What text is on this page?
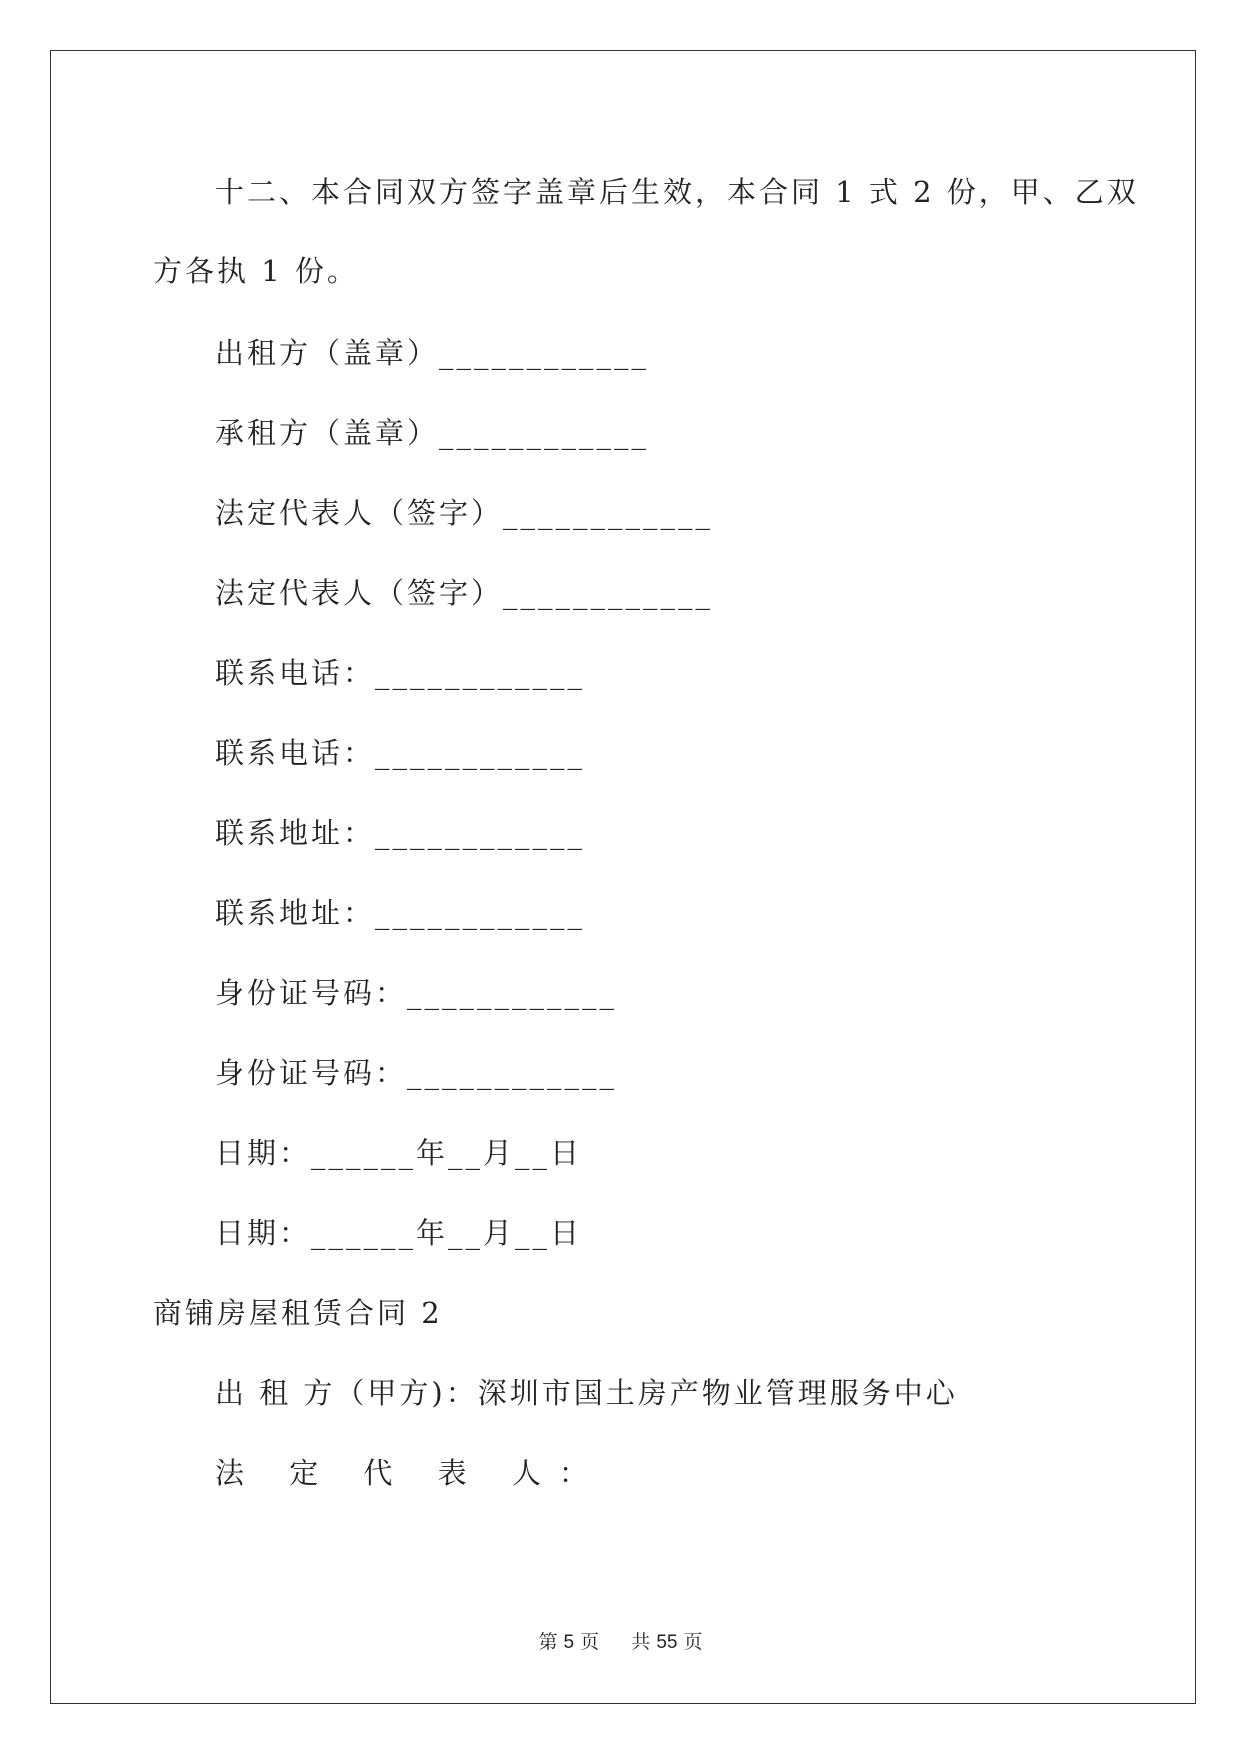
十二、本合同双方签字盖章后生效，本合同 1 式 2 份，甲、乙双
方各执 1 份。
出租方（盖章）____________
承租方（盖章）____________
法定代表人（签字）____________
法定代表人（签字）____________
联系电话：____________
联系电话：____________
联系地址：____________
联系地址：____________
身份证号码：____________
身份证号码：____________
日期：______年__月__日
日期：______年__月__日
商铺房屋租赁合同 2
出 租 方（甲方)：深圳市国土房产物业管理服务中心
法 定 代 表 人：
第 5 页 共 55 页
